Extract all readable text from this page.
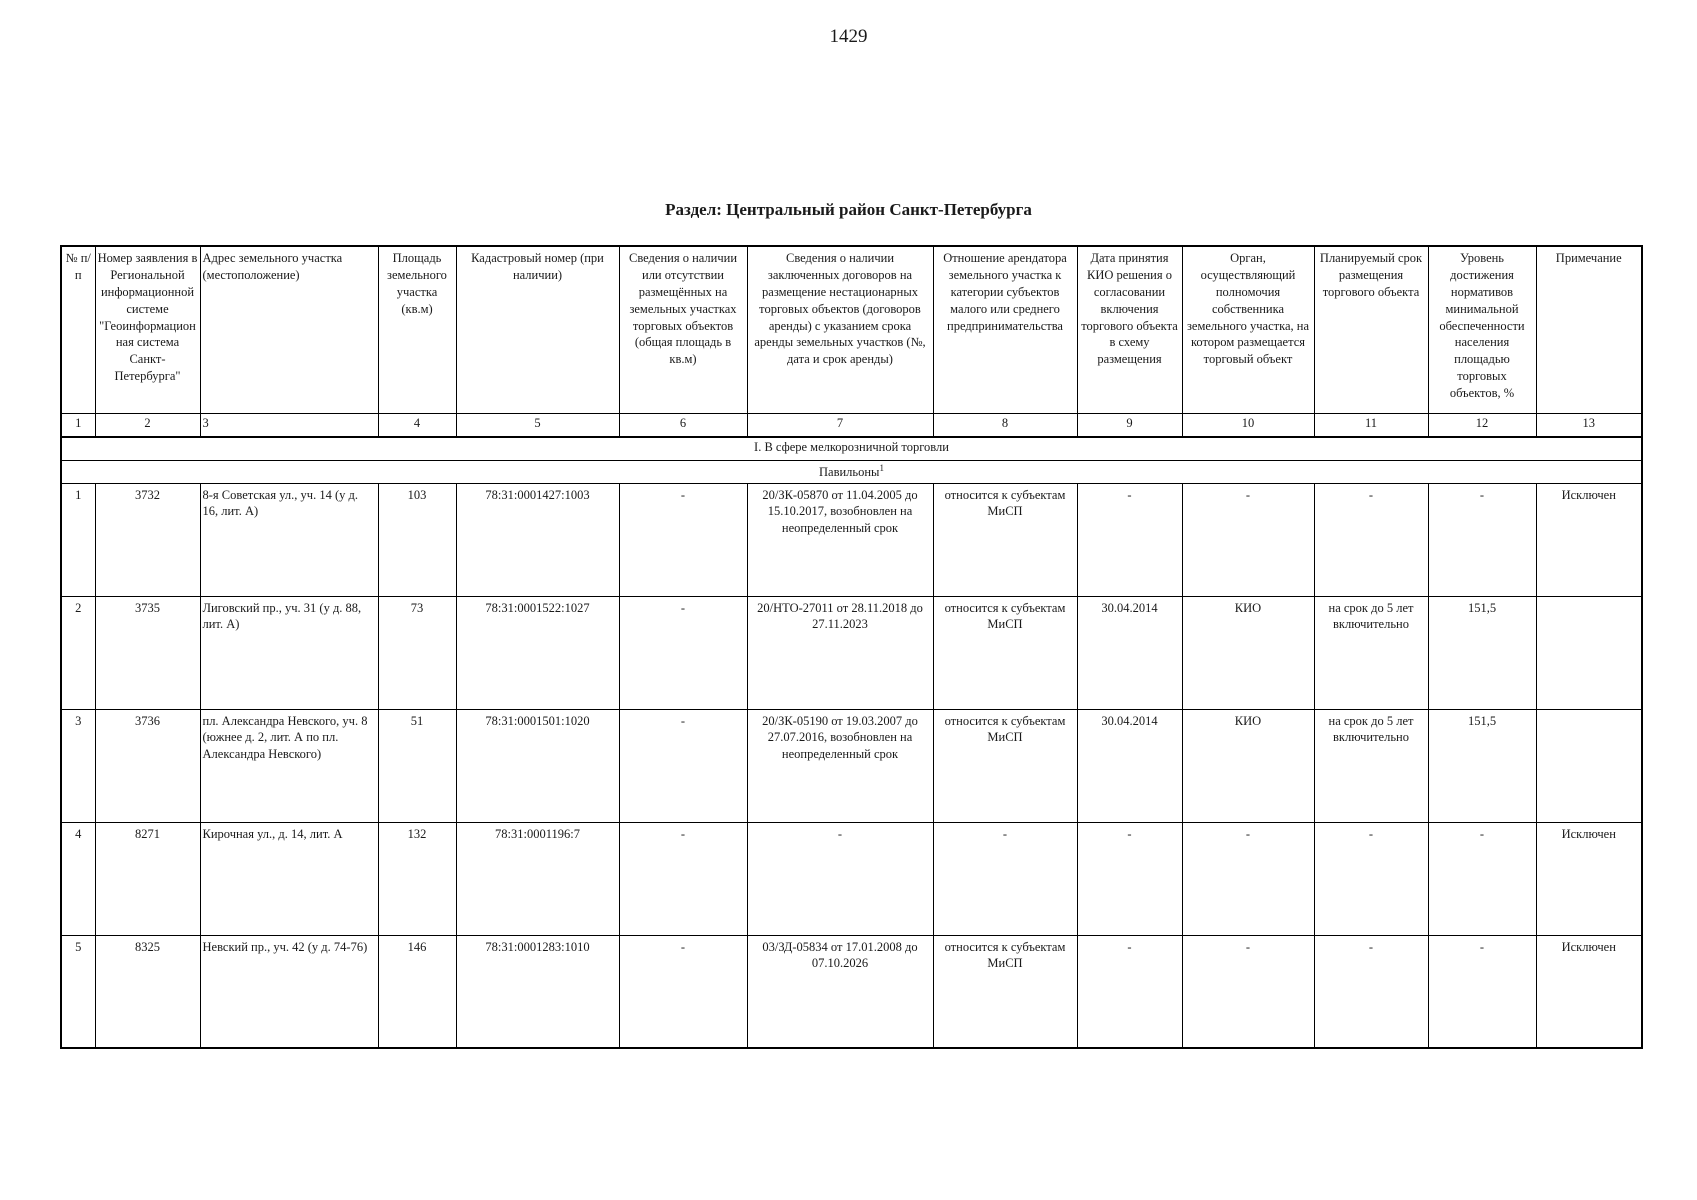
1429
Раздел: Центральный район Санкт-Петербурга
№ п/п	Номер заявления в Региональной информационной системе "Геоинформационная система Санкт-Петербурга"	Адрес земельного участка (местоположение)	Площадь земельного участка (кв.м)	Кадастровый номер (при наличии)	Сведения о наличии или отсутствии размещённых на земельных участках торговых объектов (общая площадь в кв.м)	Сведения о наличии заключенных договоров на размещение нестационарных торговых объектов (договоров аренды) с указанием срока аренды земельных участков (№, дата и срок аренды)	Отношение арендатора земельного участка к категории субъектов малого или среднего предпринимательства	Дата принятия КИО решения о согласовании включения торгового объекта в схему размещения	Орган, осуществляющий полномочия собственника земельного участка, на котором размещается торговый объект	Планируемый срок размещения торгового объекта	Уровень достижения нормативов минимальной обеспеченности населения площадью торговых объектов, %	Примечание
1	2	3	4	5	6	7	8	9	10	11	12	13
I. В сфере мелкорозничной торговли												
Павильоны$^1$
1	3732	8-я Советская ул., уч. 14 (у д. 16, лит. А)	103	78:31:0001427:1003	-	20/ЗК-05870 от 11.04.2005 до 15.10.2017, возобновлен на неопределенный срок	относится к субъектам МиСП	-	-	-	-	Исключен
2	3735	Лиговский пр., уч. 31 (у д. 88, лит. А)	73	78:31:0001522:1027	-	20/НТО-27011 от 28.11.2018 до 27.11.2023	относится к субъектам МиСП	30.04.2014	КИО	на срок до 5 лет включительно	151,5	
3	3736	пл. Александра Невского, уч. 8 (южнее д. 2, лит. А по пл. Александра Невского)	51	78:31:0001501:1020	-	20/ЗК-05190 от 19.03.2007 до 27.07.2016, возобновлен на неопределенный срок	относится к субъектам МиСП	30.04.2014	КИО	на срок до 5 лет включительно	151,5	
4	8271	Кирочная ул., д. 14, лит. А	132	78:31:0001196:7	-	-	-	-	-	-	-	Исключен
5	8325	Невский пр., уч. 42 (у д. 74-76)	146	78:31:0001283:1010	-	03/ЗД-05834 от 17.01.2008 до 07.10.2026	относится к субъектам МиСП	-	-	-	-	Исключен
